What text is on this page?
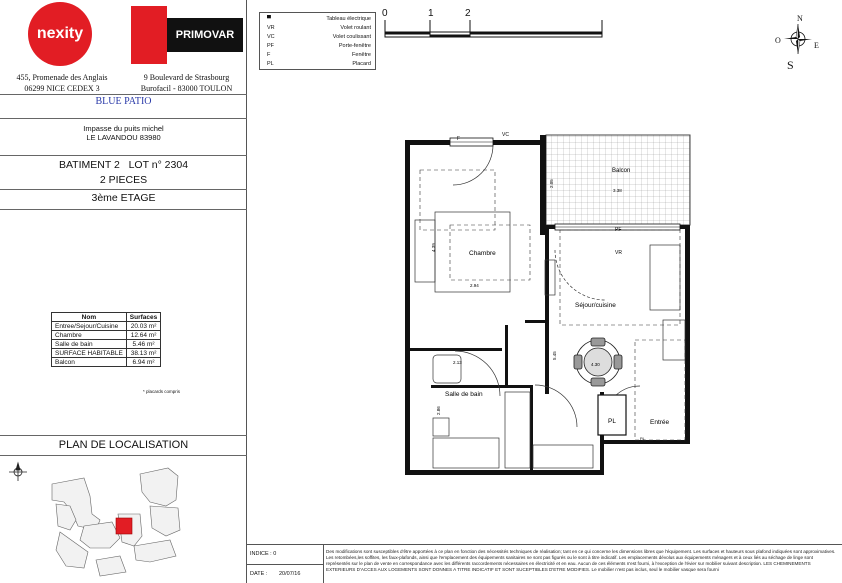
nexity	PRIMOVAR
455, Promenade des Anglais
06299 NICE CEDEX 3
9 Boulevard de Strasbourg
Burofacil - 83000 TOULON
BLUE PATIO
Impasse du puits michel
LE LAVANDOU 83980
BATIMENT 2 LOT n° 2304
2 PIECES
3ème ETAGE
Nom	Surfaces
Entree/Sejour/Cuisine	20.03 m²
Chambre	12.64 m²
Salle de bain	5.46 m²
SURFACE HABITABLE	38.13 m²
Balcon	6.94 m²
* placards compris
PLAN DE LOCALISATION
▀	Tableau électrique
VR	Volet roulant
VC	Volet coulissant
PF	Porte-fenêtre
F	Fenêtre
PL	Placard
0	1	2	N
O
E
S
Balcon
Chambre
Séjour/cuisine
Salle de bain
Entrée
PL
VC
F
PF
VR
4.39
2.94
2.05
3.38
5.45
2.13
2.86
4.30
PL
INDICE : 0
DATE : 20/07/16
Des modifications sont susceptibles d'être apportées à ce plan en fonction des nécessités techniques de réalisation; tant en ce qui concerne les dimensions libres que l'équipement. Les surfaces et hauteurs sous plafond indiquées sont approximatives. Les retombées,les soffites, les faux-plafonds, ainsi que l'emplacement des équipements sanitaires ne sont pas figurés ou le sont à titre indicatif. Les emplacements dévolus aux équipements ménagers et à ceux liés au séchage de linge sont représentés sur le plan de vente en correspondance avec les différents raccordements nécessaires en électricité et en eau. Aucun de ces éléments n'est fourni, à l'exception de l'évier sur mobilier suivant description. LES CHEMINEMENTS EXTERIEURS D'ACCES AUX LOGEMENTS SONT DONNES A TITRE INDICATIF ET SONT SUCEPTIBLES D'ETRE MODIFIES. Le mobilier n'est pas inclus, seul le mobilier vasque sera fourni
